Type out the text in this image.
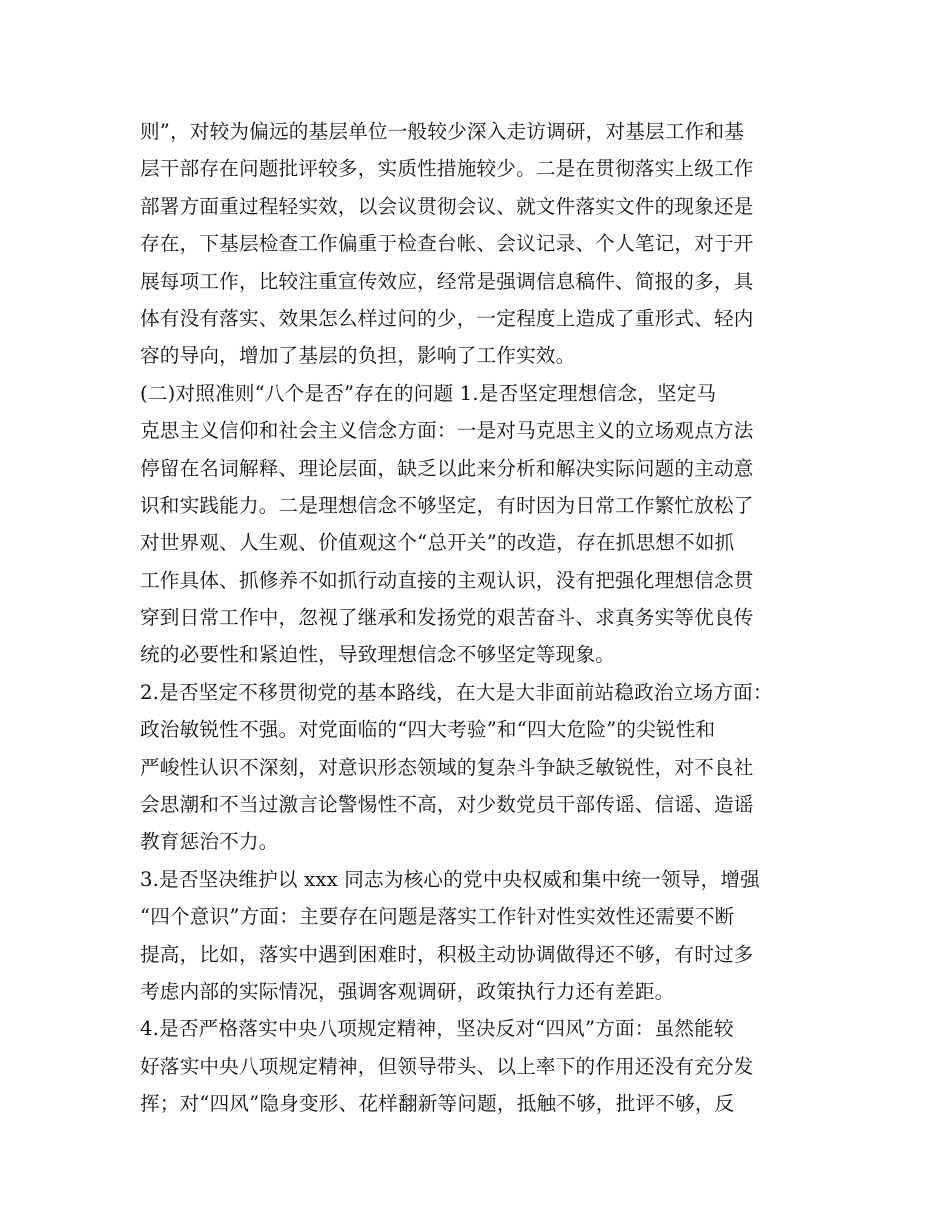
则”，对较为偏远的基层单位一般较少深入走访调研，对基层工作和基
层干部存在问题批评较多，实质性措施较少。二是在贯彻落实上级工作
部署方面重过程轻实效，以会议贯彻会议、就文件落实文件的现象还是
存在，下基层检查工作偏重于检查台帐、会议记录、个人笔记，对于开
展每项工作，比较注重宣传效应，经常是强调信息稿件、简报的多，具
体有没有落实、效果怎么样过问的少，一定程度上造成了重形式、轻内
容的导向，增加了基层的负担，影响了工作实效。
(二)对照准则“八个是否”存在的问题 1.是否坚定理想信念，坚定马
克思主义信仰和社会主义信念方面：一是对马克思主义的立场观点方法
停留在名词解释、理论层面，缺乏以此来分析和解决实际问题的主动意
识和实践能力。二是理想信念不够坚定，有时因为日常工作繁忙放松了
对世界观、人生观、价值观这个“总开关”的改造，存在抓思想不如抓
工作具体、抓修养不如抓行动直接的主观认识，没有把强化理想信念贯
穿到日常工作中，忽视了继承和发扬党的艰苦奋斗、求真务实等优良传
统的必要性和紧迫性，导致理想信念不够坚定等现象。
2.是否坚定不移贯彻党的基本路线，在大是大非面前站稳政治立场方面：
政治敏锐性不强。对党面临的“四大考验”和“四大危险”的尖锐性和
严峻性认识不深刻，对意识形态领域的复杂斗争缺乏敏锐性，对不良社
会思潮和不当过激言论警惕性不高，对少数党员干部传谣、信谣、造谣
教育惩治不力。
3.是否坚决维护以 xxx 同志为核心的党中央权威和集中统一领导，增强
“四个意识”方面：主要存在问题是落实工作针对性实效性还需要不断
提高，比如，落实中遇到困难时，积极主动协调做得还不够，有时过多
考虑内部的实际情况，强调客观调研，政策执行力还有差距。
4.是否严格落实中央八项规定精神，坚决反对“四风”方面：虽然能较
好落实中央八项规定精神，但领导带头、以上率下的作用还没有充分发
挥；对“四风”隐身变形、花样翻新等问题，抵触不够，批评不够，反
